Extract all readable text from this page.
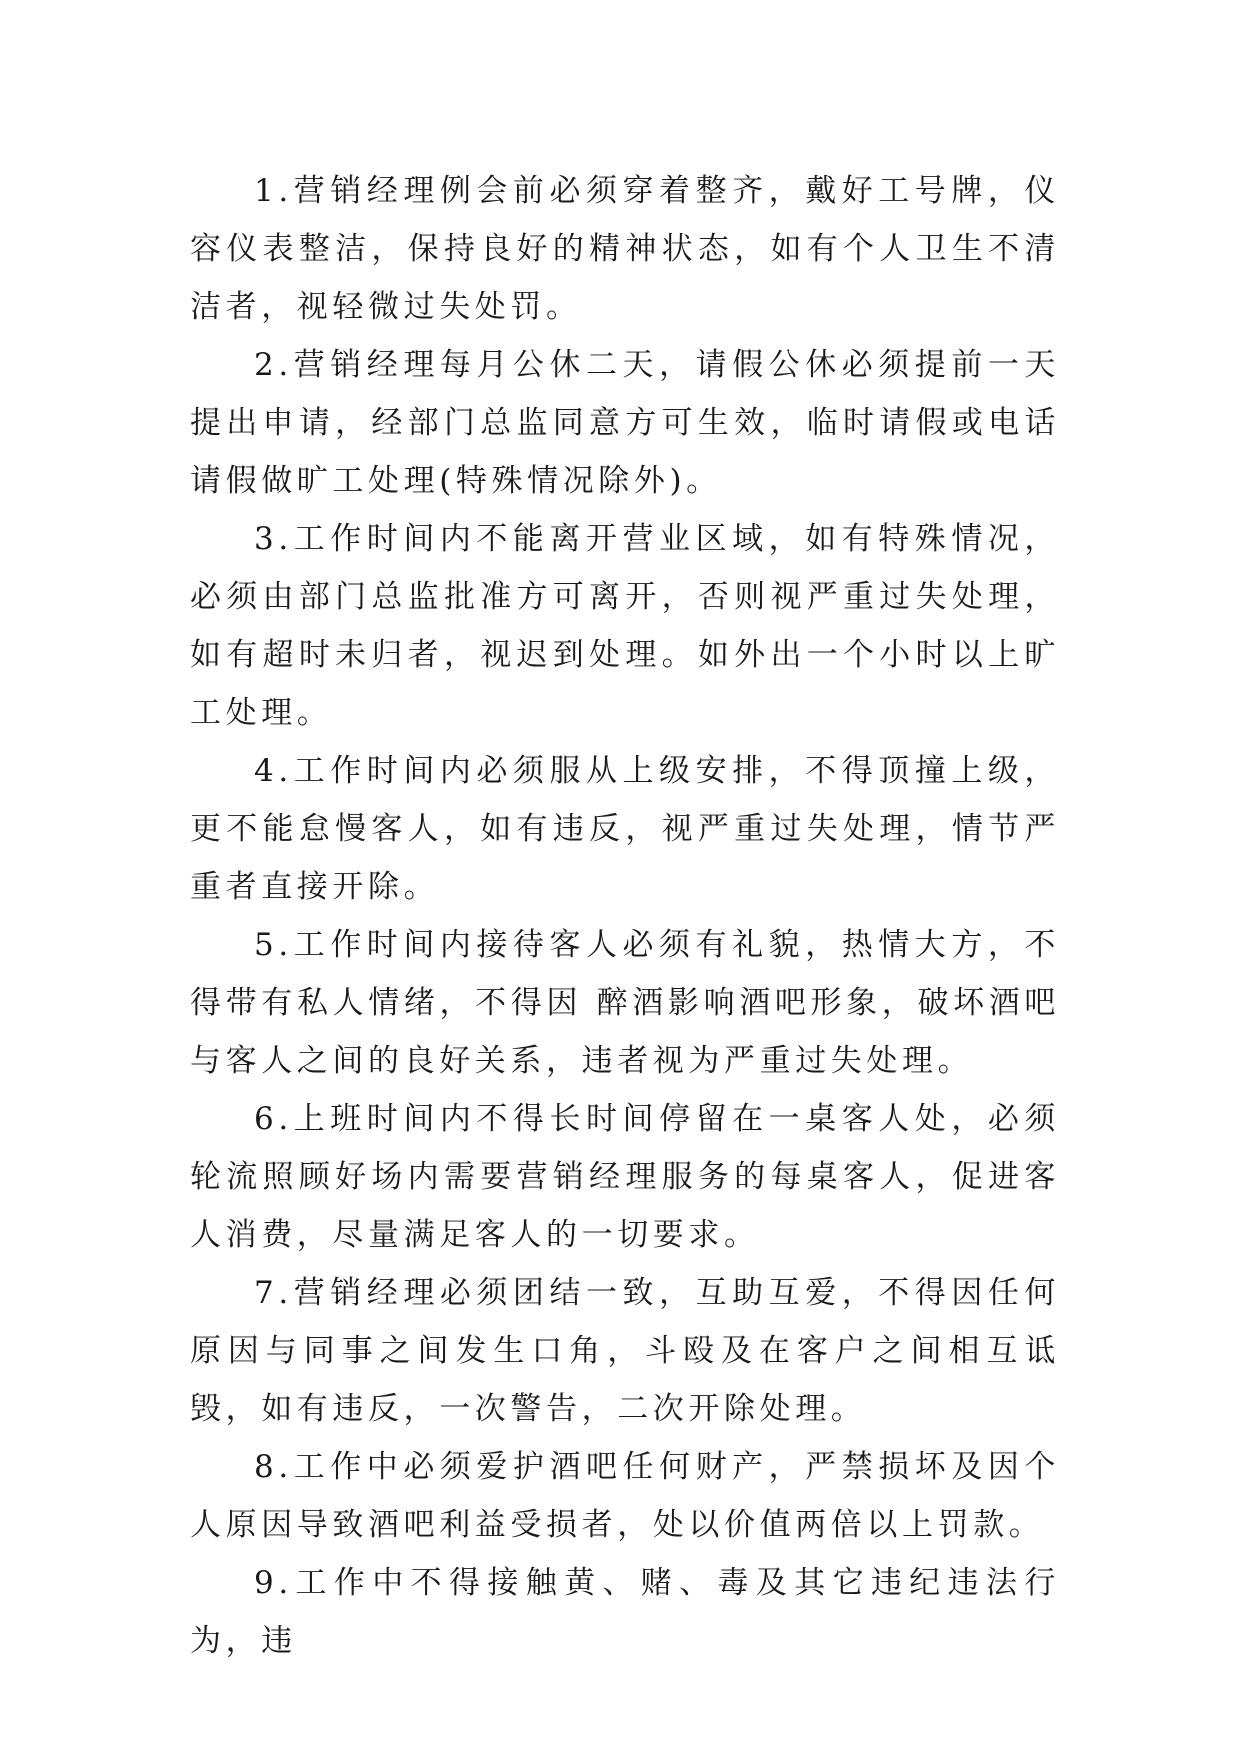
1.营销经理例会前必须穿着整齐，戴好工号牌，仪容仪表整洁，保持良好的精神状态，如有个人卫生不清洁者，视轻微过失处罚。

2.营销经理每月公休二天，请假公休必须提前一天提出申请，经部门总监同意方可生效，临时请假或电话请假做旷工处理(特殊情况除外)。

3.工作时间内不能离开营业区域，如有特殊情况，必须由部门总监批准方可离开，否则视严重过失处理，如有超时未归者，视迟到处理。如外出一个小时以上旷工处理。

4.工作时间内必须服从上级安排，不得顶撞上级，更不能怠慢客人，如有违反，视严重过失处理，情节严重者直接开除。

5.工作时间内接待客人必须有礼貌，热情大方，不得带有私人情绪，不得因 醉酒影响酒吧形象，破坏酒吧与客人之间的良好关系，违者视为严重过失处理。

6.上班时间内不得长时间停留在一桌客人处，必须轮流照顾好场内需要营销经理服务的每桌客人，促进客人消费，尽量满足客人的一切要求。

7.营销经理必须团结一致，互助互爱，不得因任何原因与同事之间发生口角，斗殴及在客户之间相互诋毁，如有违反，一次警告，二次开除处理。

8.工作中必须爱护酒吧任何财产，严禁损坏及因个人原因导致酒吧利益受损者，处以价值两倍以上罚款。

9.工作中不得接触黄、赌、毒及其它违纪违法行为，违
